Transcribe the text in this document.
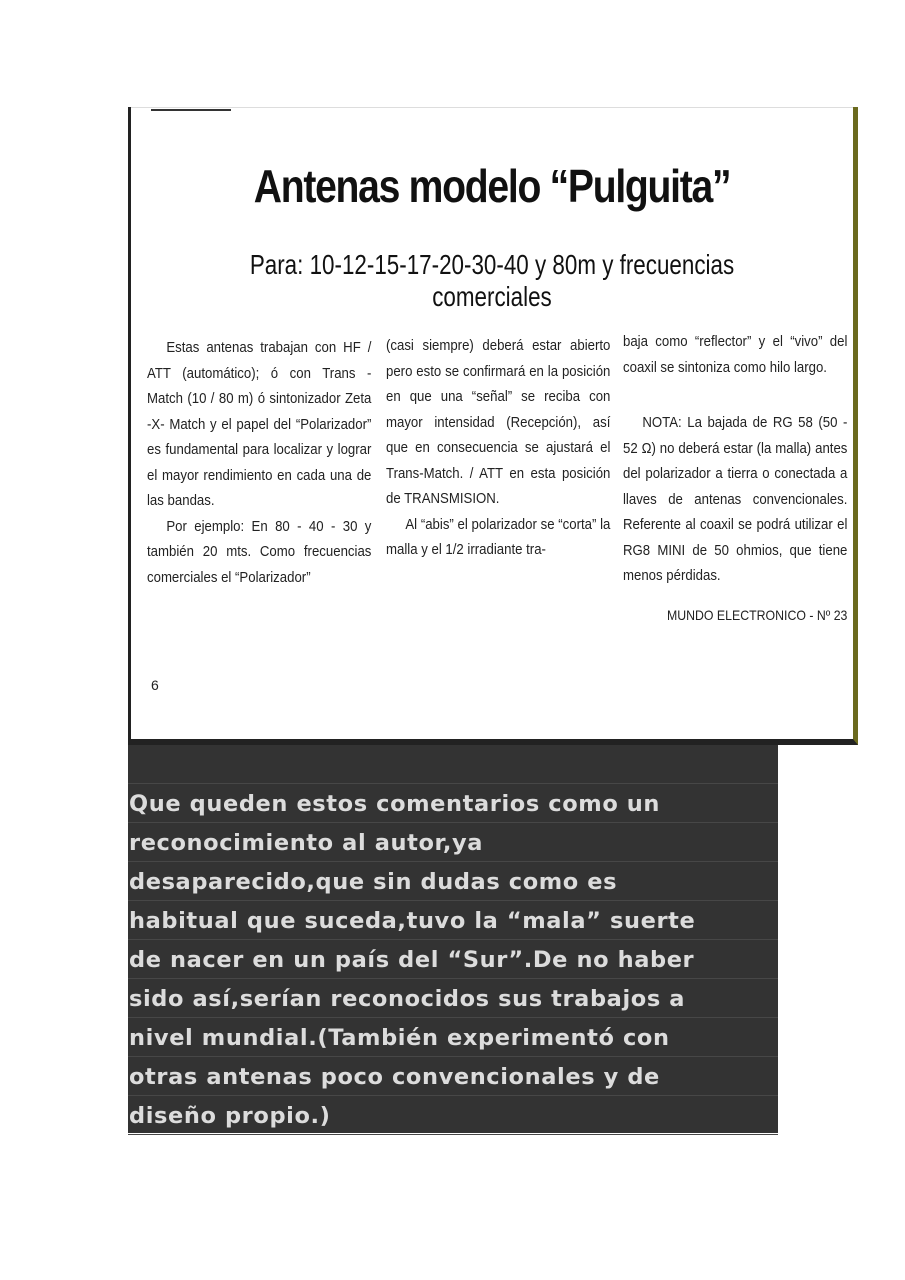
Antenas modelo “Pulguita”
Para: 10-12-15-17-20-30-40 y 80m y frecuencias comerciales

Estas antenas trabajan con HF / ATT (automático); ó con Trans - Match (10 / 80 m) ó sintonizador Zeta -X- Match y el papel del “Polarizador” es fundamental para localizar y lograr el mayor rendimiento en cada una de las bandas.

Por ejemplo: En 80 - 40 - 30 y también 20 mts. Como frecuencias comerciales el “Polarizador”

(casi siempre) deberá estar abierto pero esto se confirmará en la posición en que una “señal” se reciba con mayor intensidad (Recepción), así que en consecuencia se ajustará el Trans-Match. / ATT en esta posición de TRANSMISION.

Al “abis” el polarizador se “corta” la malla y el 1/2 irradiante tra-

baja como “reflector” y el “vivo” del coaxil se sintoniza como hilo largo.

NOTA: La bajada de RG 58 (50 - 52 Ω) no deberá estar (la malla) antes del polarizador a tierra o conectada a llaves de antenas convencionales. Referente al coaxil se podrá utilizar el RG8 MINI de 50 ohmios, que tiene menos pérdidas.

MUNDO ELECTRONICO - Nº 23

6
Que queden estos comentarios como un
reconocimiento al autor,ya
desaparecido,que sin dudas como es
habitual que suceda,tuvo la “mala” suerte
de nacer en un país del “Sur”.De no haber
sido así,serían reconocidos sus trabajos a
nivel mundial.(También experimentó con
otras antenas poco convencionales y de
diseño propio.)
